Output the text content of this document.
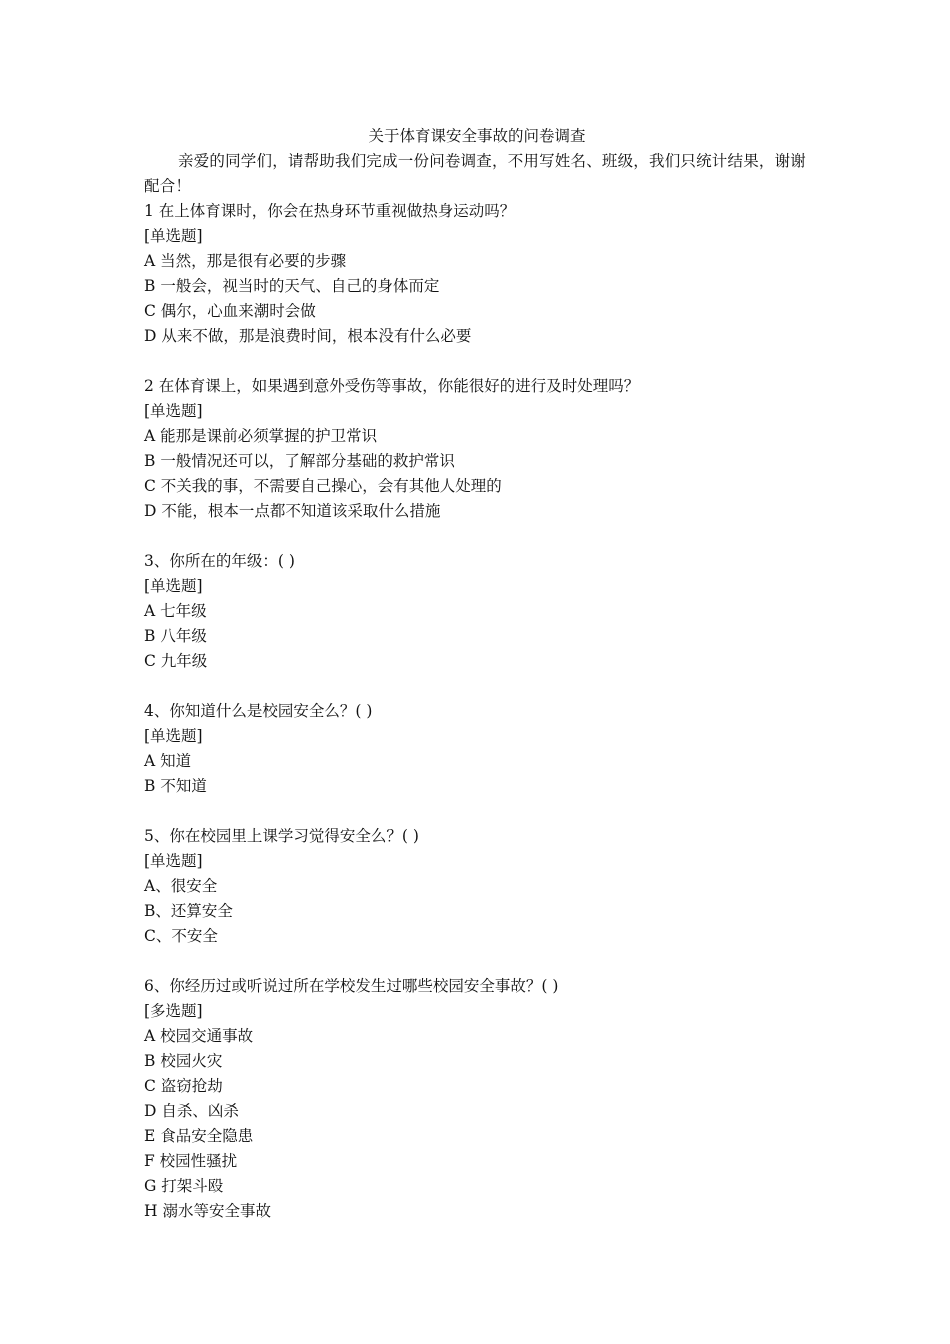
关于体育课安全事故的问卷调查
亲爱的同学们，请帮助我们完成一份问卷调查，不用写姓名、班级，我们只统计结果，谢谢配合！
1 在上体育课时，你会在热身环节重视做热身运动吗？
[单选题]
A 当然，那是很有必要的步骤
B 一般会，视当时的天气、自己的身体而定
C 偶尔，心血来潮时会做
D 从来不做，那是浪费时间，根本没有什么必要
2 在体育课上，如果遇到意外受伤等事故，你能很好的进行及时处理吗？
[单选题]
A 能那是课前必须掌握的护卫常识
B 一般情况还可以，了解部分基础的救护常识
C 不关我的事，不需要自己操心，会有其他人处理的
D 不能，根本一点都不知道该采取什么措施
3、你所在的年级：( )
[单选题]
A 七年级
B 八年级
C 九年级
4、你知道什么是校园安全么？( )
[单选题]
A 知道
B 不知道
5、你在校园里上课学习觉得安全么？( )
[单选题]
A、很安全
B、还算安全
C、不安全
6、你经历过或听说过所在学校发生过哪些校园安全事故？( )
[多选题]
A 校园交通事故
B 校园火灾
C 盗窃抢劫
D 自杀、凶杀
E 食品安全隐患
F 校园性骚扰
G 打架斗殴
H 溺水等安全事故
